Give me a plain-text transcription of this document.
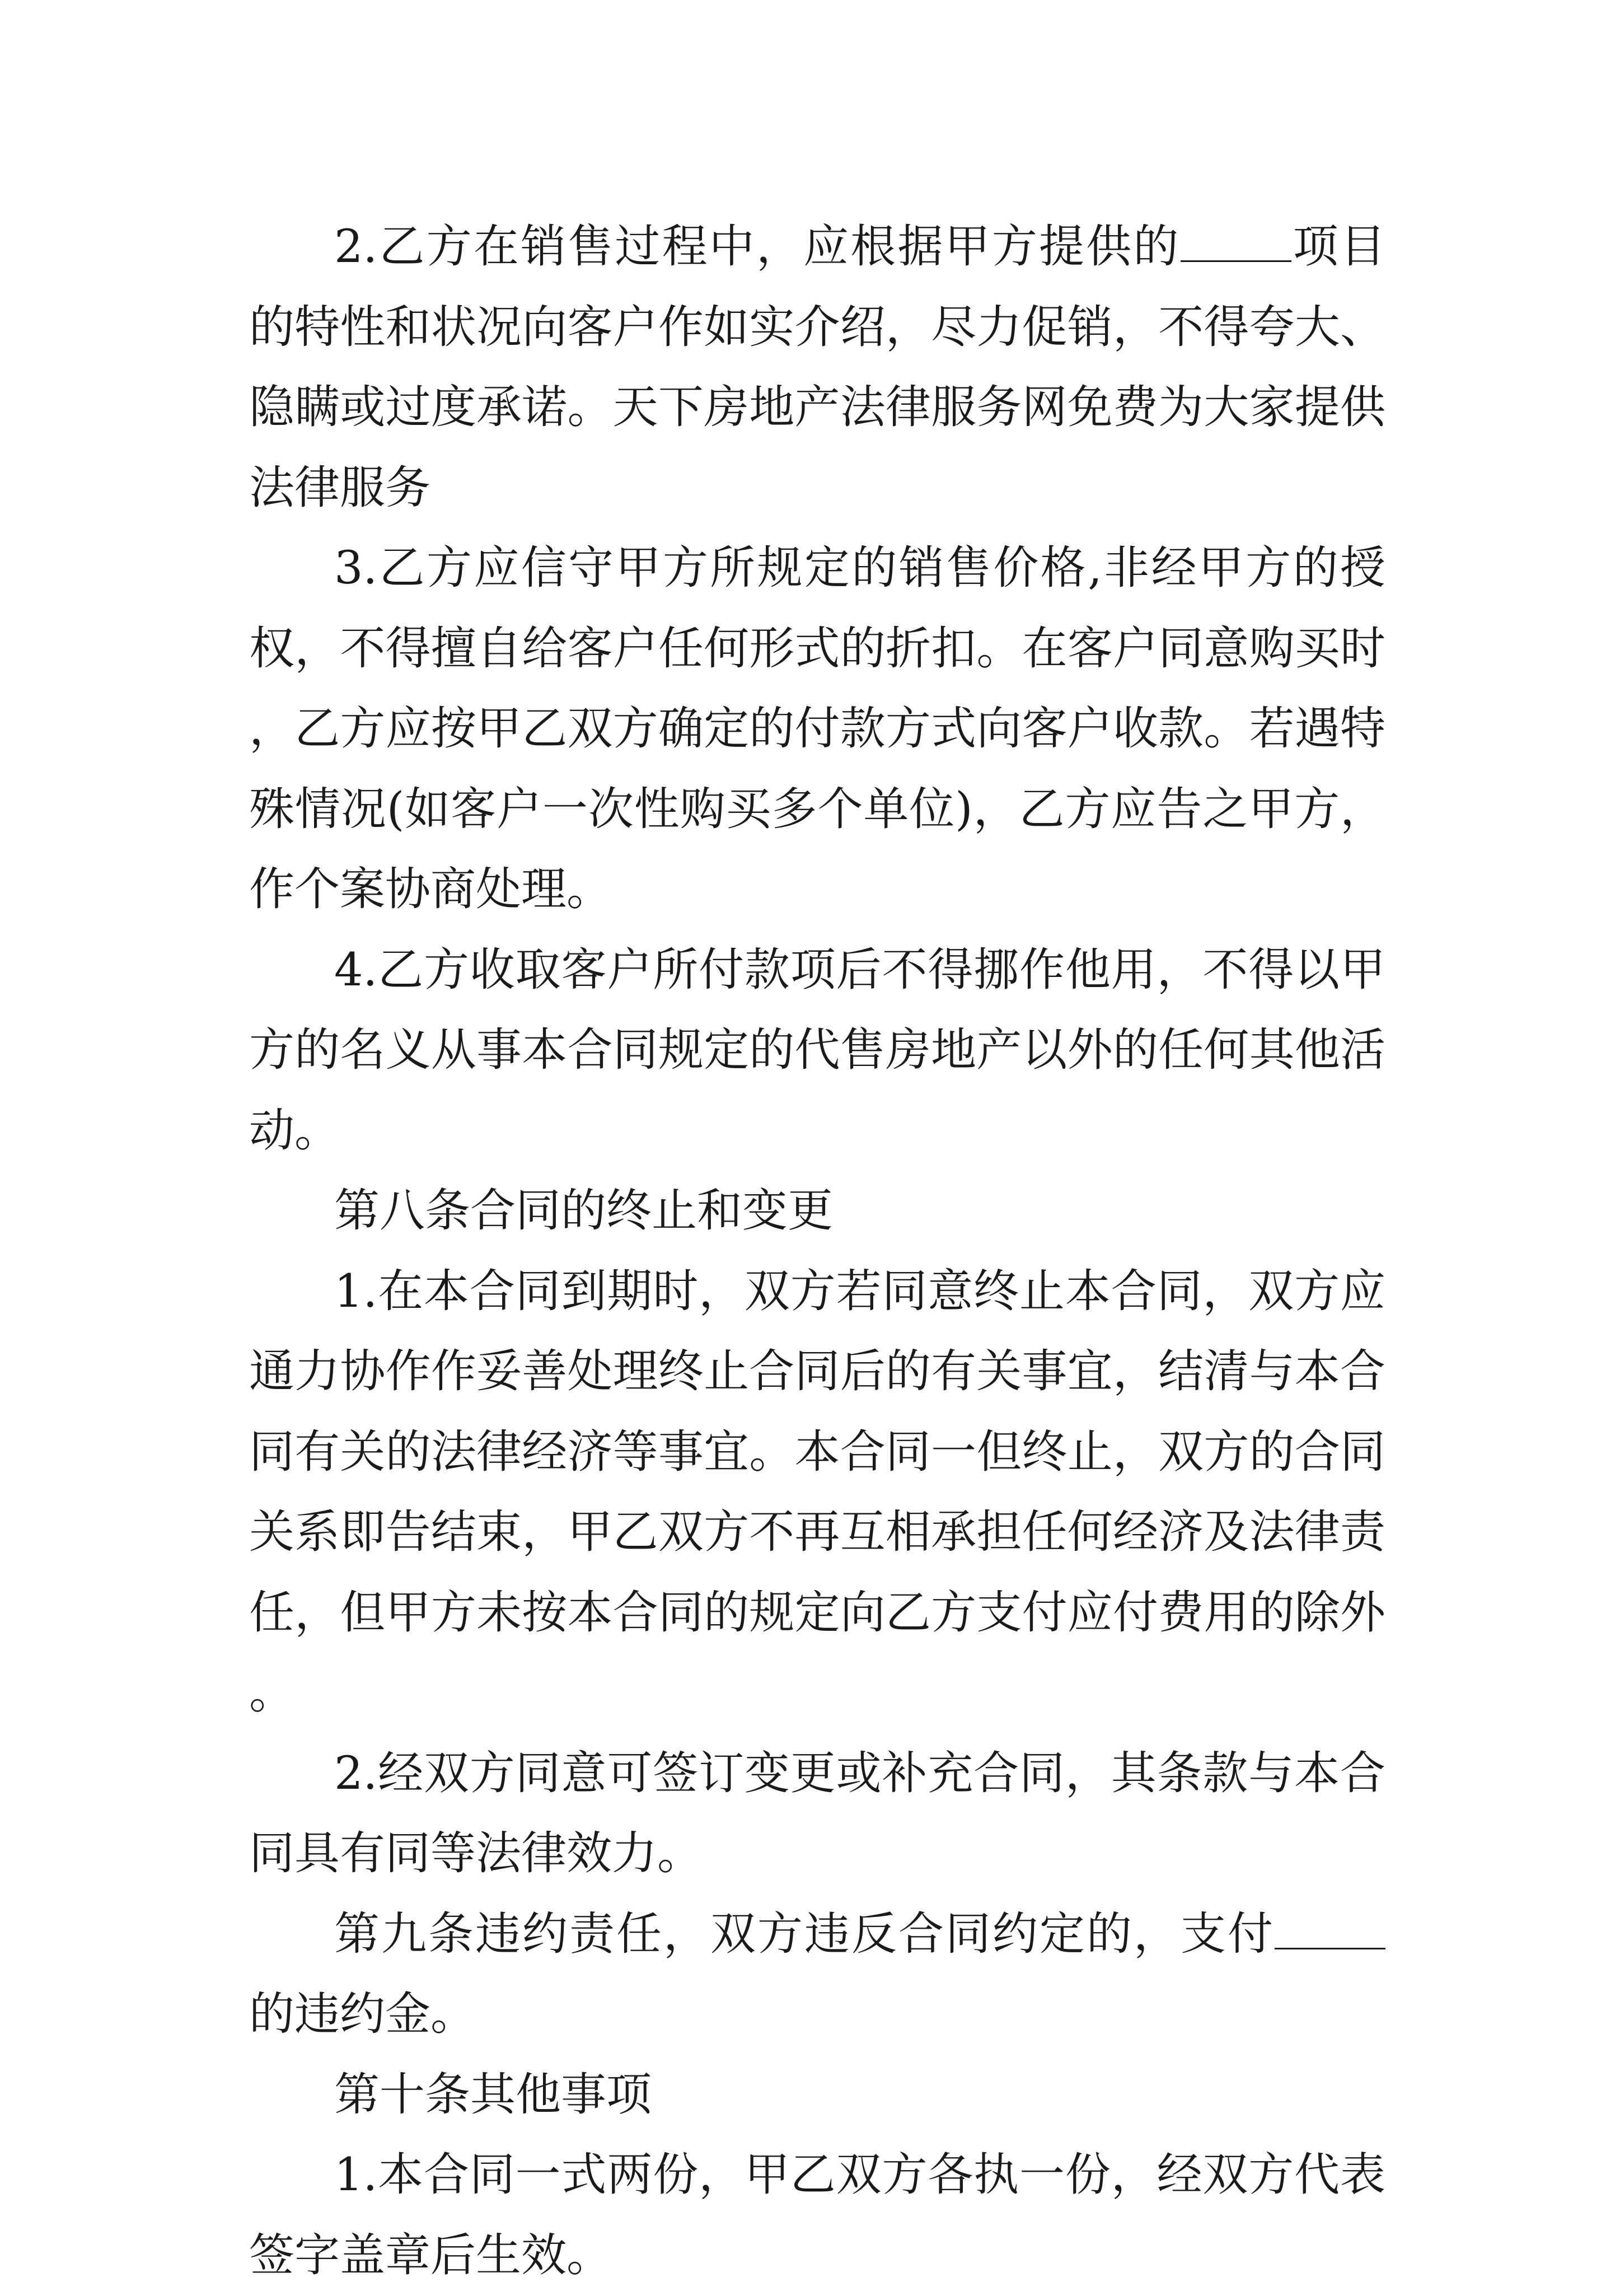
2.乙方在销售过程中，应根据甲方提供的 项目的特性和状况向客户作如实介绍，尽力促销，不得夸大、隐瞒或过度承诺。天下房地产法律服务网免费为大家提供法律服务

3.乙方应信守甲方所规定的销售价格,非经甲方的授权，不得擅自给客户任何形式的折扣。在客户同意购买时，乙方应按甲乙双方确定的付款方式向客户收款。若遇特殊情况(如客户一次性购买多个单位)，乙方应告之甲方，作个案协商处理。

4.乙方收取客户所付款项后不得挪作他用，不得以甲方的名义从事本合同规定的代售房地产以外的任何其他活动。

第八条合同的终止和变更

1.在本合同到期时，双方若同意终止本合同，双方应通力协作作妥善处理终止合同后的有关事宜，结清与本合同有关的法律经济等事宜。本合同一但终止，双方的合同关系即告结束，甲乙双方不再互相承担任何经济及法律责任，但甲方未按本合同的规定向乙方支付应付费用的除外。

2.经双方同意可签订变更或补充合同，其条款与本合同具有同等法律效力。

第九条违约责任，双方违反合同约定的，支付的违约金。

第十条其他事项

1.本合同一式两份，甲乙双方各执一份，经双方代表签字盖章后生效。
